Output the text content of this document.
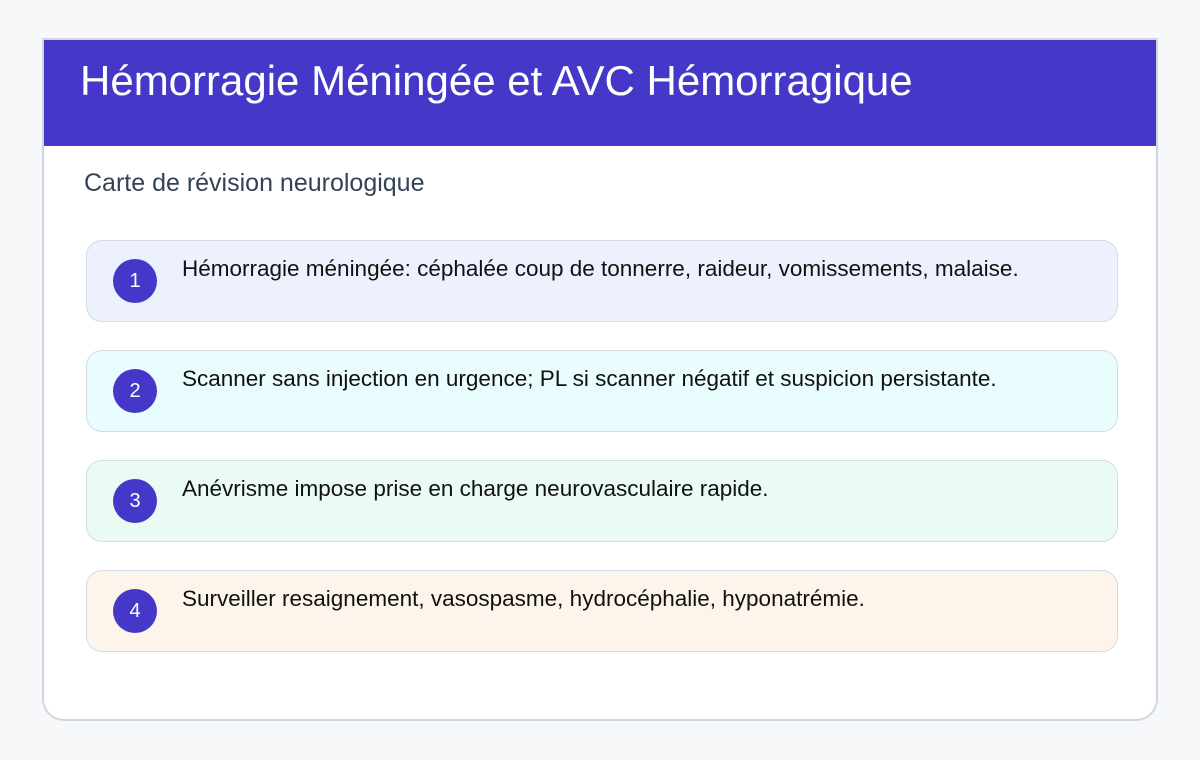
Hémorragie Méningée et AVC Hémorragique
Carte de révision neurologique
1	Hémorragie méningée: céphalée coup de tonnerre, raideur, vomissements, malaise.
2	Scanner sans injection en urgence; PL si scanner négatif et suspicion persistante.
3	Anévrisme impose prise en charge neurovasculaire rapide.
4	Surveiller resaignement, vasospasme, hydrocéphalie, hyponatrémie.
